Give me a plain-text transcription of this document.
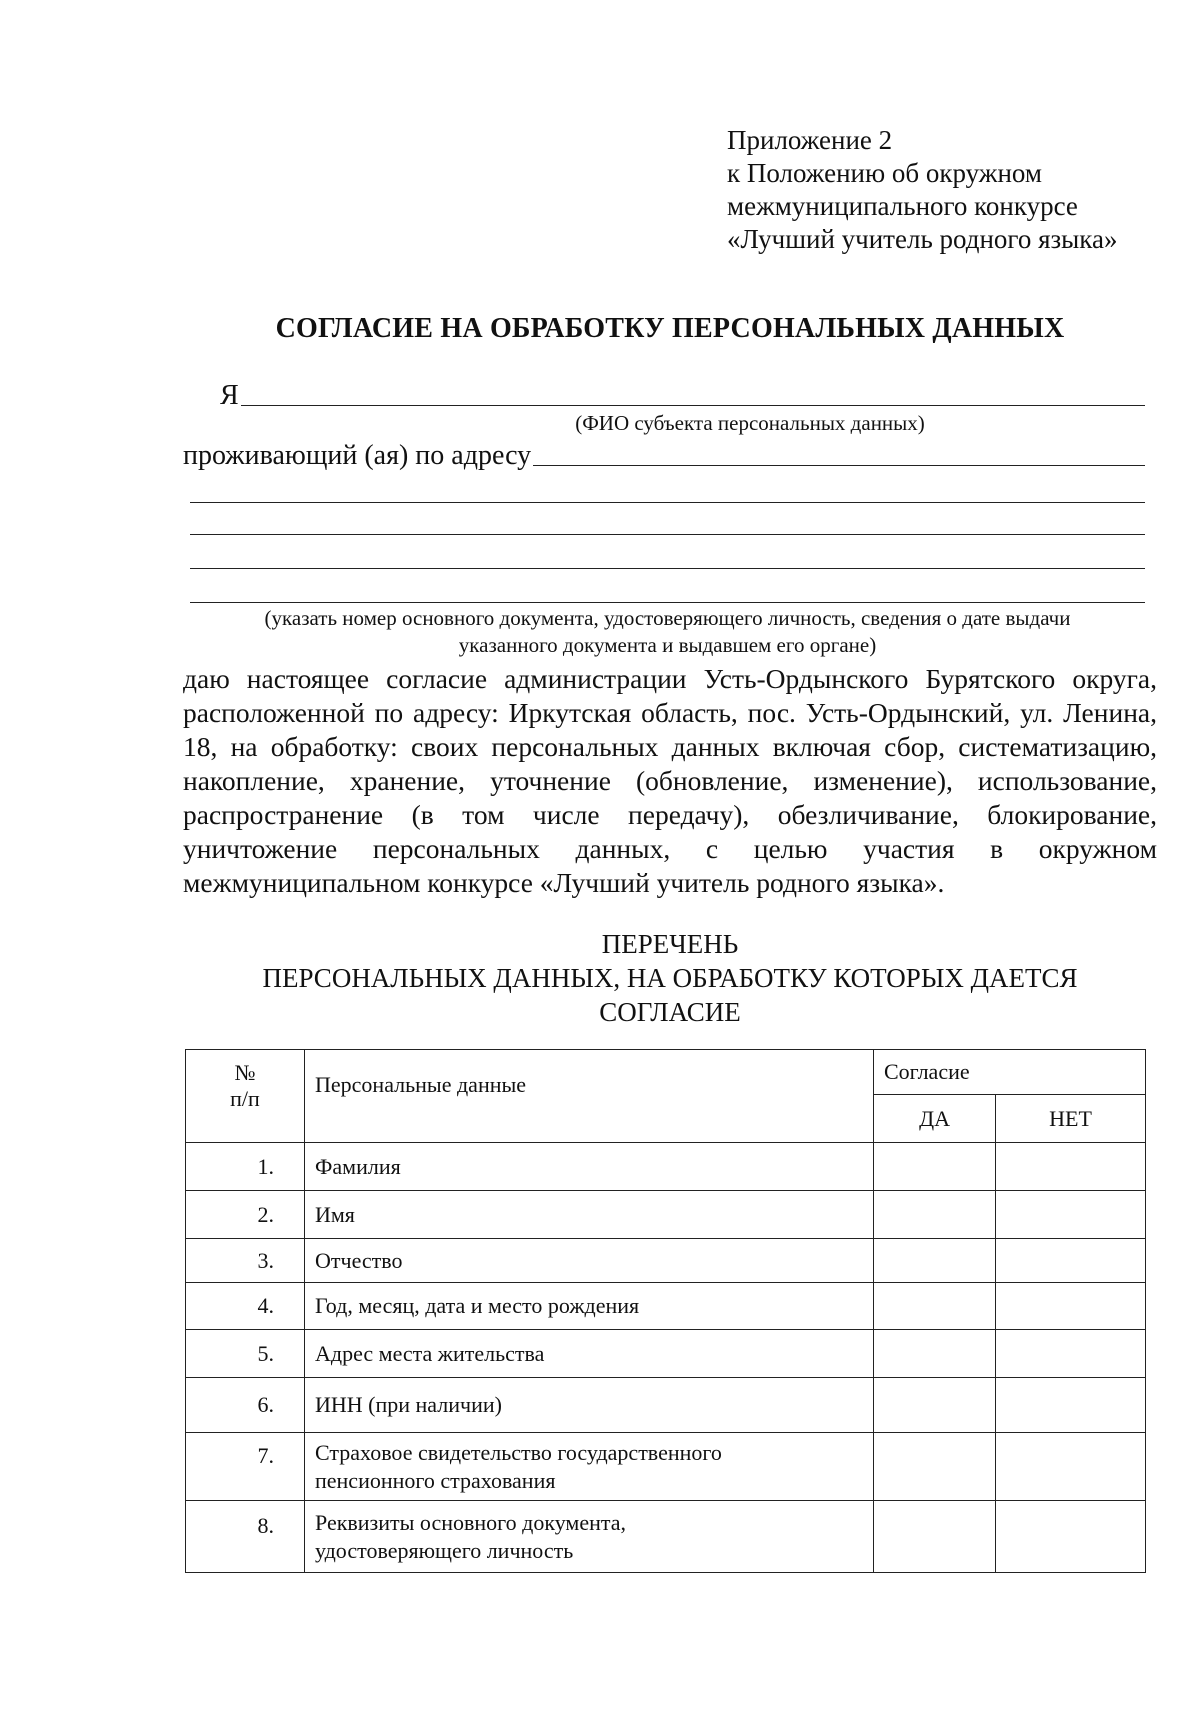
Приложение 2
к Положению об окружном
межмуниципального конкурсе
«Лучший учитель родного языка»
СОГЛАСИЕ НА ОБРАБОТКУ ПЕРСОНАЛЬНЫХ ДАННЫХ
Я
(ФИО субъекта персональных данных)
проживающий (ая) по адресу
(указать номер основного документа, удостоверяющего личность, сведения о дате выдачи
указанного документа и выдавшем его органе)
даю настоящее согласие администрации Усть-Ордынского Бурятского округа, расположенной по адресу: Иркутская область, пос. Усть-Ордынский, ул. Ленина, 18, на обработку: своих персональных данных включая сбор, систематизацию, накопление, хранение, уточнение (обновление, изменение), использование, распространение (в том числе передачу), обезличивание, блокирование, уничтожение персональных данных, с целью участия в окружном межмуниципальном конкурсе «Лучший учитель родного языка».
ПЕРЕЧЕНЬ
ПЕРСОНАЛЬНЫХ ДАННЫХ, НА ОБРАБОТКУ КОТОРЫХ ДАЕТСЯ
СОГЛАСИЕ
№
п/п	Персональные данные	Согласие	
		ДА	НЕТ
1.	Фамилия		
2.	Имя		
3.	Отчество		
4.	Год, месяц, дата и место рождения		
5.	Адрес места жительства		
6.	ИНН (при наличии)		
7.	Страховое свидетельство государственного
пенсионного страхования		

8.	Реквизиты основного документа,
удостоверяющего личность		
